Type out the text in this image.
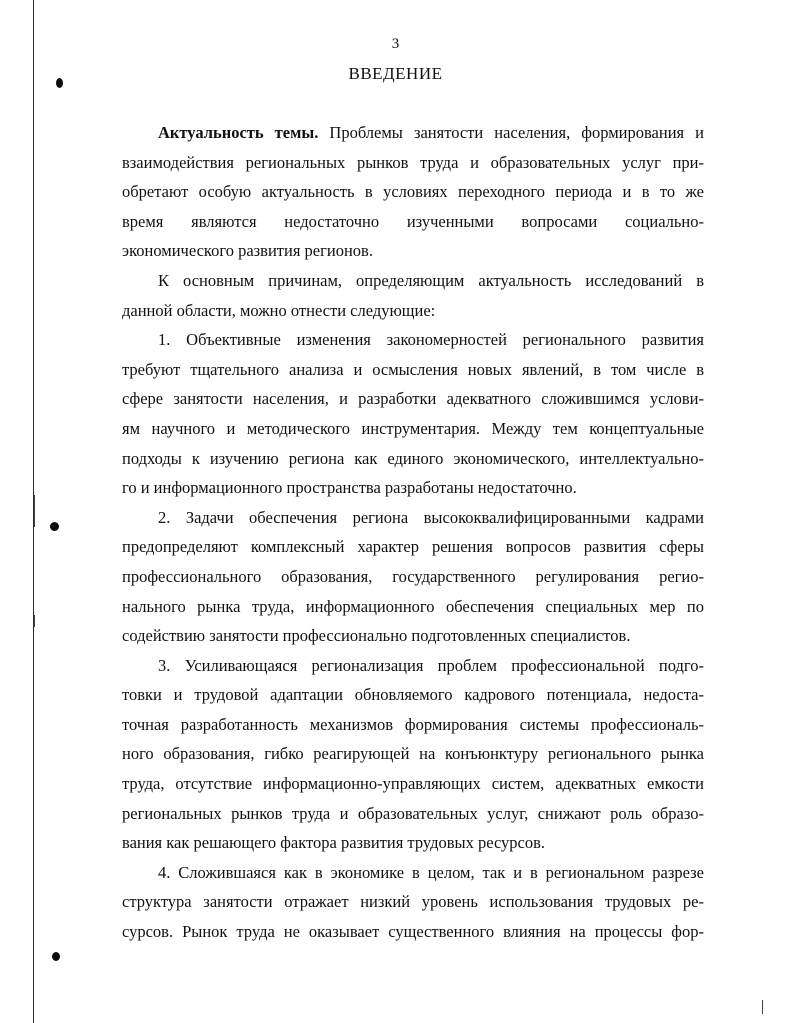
3
ВВЕДЕНИЕ
Актуальность темы. Проблемы занятости населения, формирования и
взаимодействия региональных рынков труда и образовательных услуг при-
обретают особую актуальность в условиях переходного периода и в то же
время являются недостаточно изученными вопросами социально-
экономического развития регионов.
К основным причинам, определяющим актуальность исследований в
данной области, можно отнести следующие:
1. Объективные изменения закономерностей регионального развития
требуют тщательного анализа и осмысления новых явлений, в том числе в
сфере занятости населения, и разработки адекватного сложившимся услови-
ям научного и методического инструментария. Между тем концептуальные
подходы к изучению региона как единого экономического, интеллектуально-
го и информационного пространства разработаны недостаточно.
2. Задачи обеспечения региона высококвалифицированными кадрами
предопределяют комплексный характер решения вопросов развития сферы
профессионального образования, государственного регулирования регио-
нального рынка труда, информационного обеспечения специальных мер по
содействию занятости профессионально подготовленных специалистов.
3. Усиливающаяся регионализация проблем профессиональной подго-
товки и трудовой адаптации обновляемого кадрового потенциала, недоста-
точная разработанность механизмов формирования системы профессиональ-
ного образования, гибко реагирующей на конъюнктуру регионального рынка
труда, отсутствие информационно-управляющих систем, адекватных емкости
региональных рынков труда и образовательных услуг, снижают роль образо-
вания как решающего фактора развития трудовых ресурсов.
4. Сложившаяся как в экономике в целом, так и в региональном разрезе
структура занятости отражает низкий уровень использования трудовых ре-
сурсов. Рынок труда не оказывает существенного влияния на процессы фор-
